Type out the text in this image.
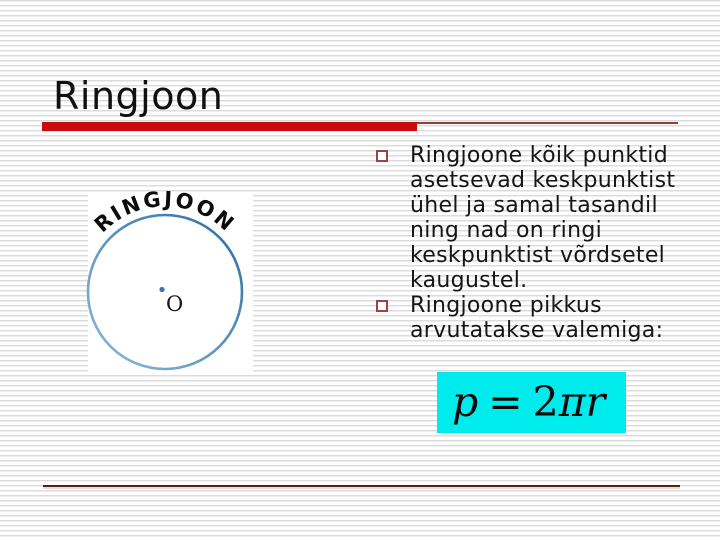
Ringjoon
RINGJOON
O
Ringjoone kõik punktid
asetsevad keskpunktist
ühel ja samal tasandil
ning nad on ringi
keskpunktist võrdsetel
kaugustel.
Ringjoone pikkus
arvutatakse valemiga:
p = 2 πr
